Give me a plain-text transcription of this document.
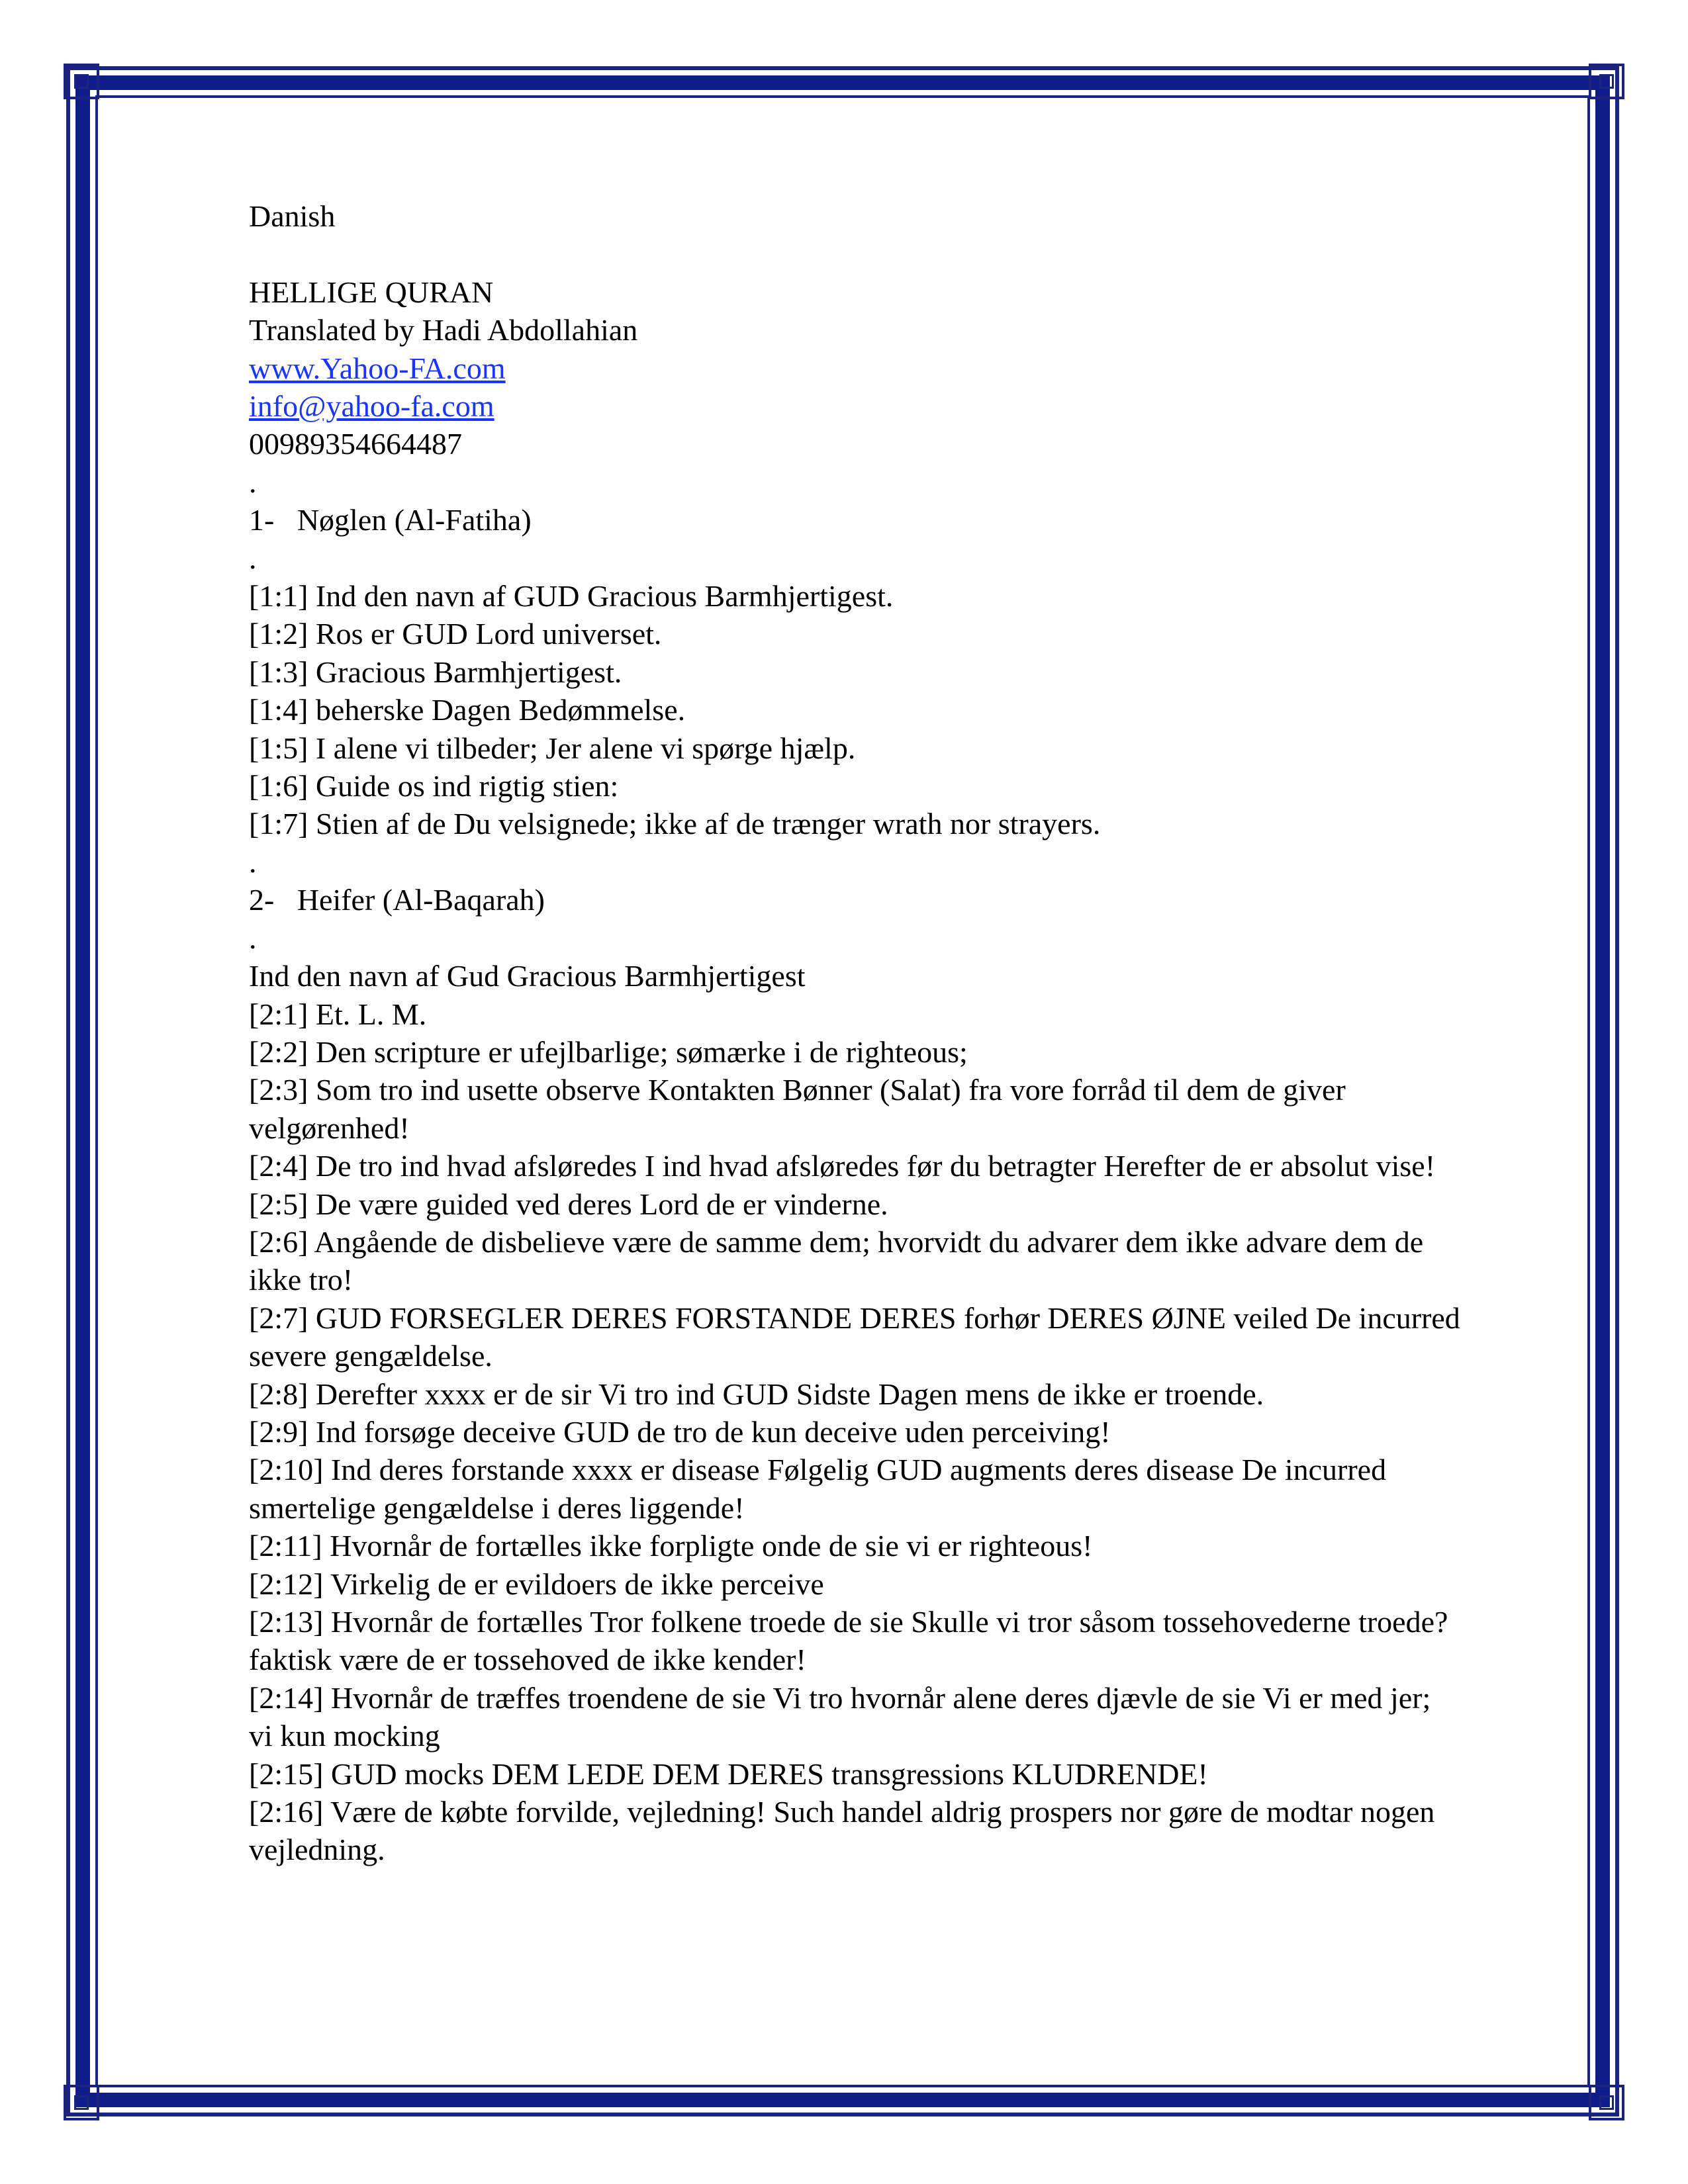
Danish

HELLIGE QURAN

Translated by Hadi Abdollahian

www.Yahoo-FA.com

info@yahoo-fa.com

00989354664487

.

1-   Nøglen (Al-Fatiha)

.

[1:1] Ind den navn af GUD Gracious Barmhjertigest.

[1:2] Ros er GUD Lord universet.

[1:3] Gracious Barmhjertigest.

[1:4] beherske Dagen Bedømmelse.

[1:5] I alene vi tilbeder; Jer alene vi spørge hjælp.

[1:6] Guide os ind rigtig stien:

[1:7] Stien af de Du velsignede; ikke af de trænger wrath nor strayers.

.

2-   Heifer (Al-Baqarah)

.

Ind den navn af Gud Gracious Barmhjertigest

[2:1] Et. L. M.

[2:2] Den scripture er ufejlbarlige; sømærke i de righteous;

[2:3] Som tro ind usette observe Kontakten Bønner (Salat) fra vore forråd til dem de giver velgørenhed!

[2:4] De tro ind hvad afsløredes I ind hvad afsløredes før du betragter Herefter de er absolut vise!

[2:5] De være guided ved deres Lord de er vinderne.

[2:6] Angående de disbelieve være de samme dem; hvorvidt du advarer dem ikke advare dem de ikke tro!

[2:7] GUD FORSEGLER DERES FORSTANDE DERES forhør DERES ØJNE veiled De incurred severe gengældelse.

[2:8] Derefter xxxx er de sir Vi tro ind GUD Sidste Dagen mens de ikke er troende.

[2:9] Ind forsøge deceive GUD de tro de kun deceive uden perceiving!

[2:10] Ind deres forstande xxxx er disease Følgelig GUD augments deres disease De incurred smertelige gengældelse i deres liggende!

[2:11] Hvornår de fortælles ikke forpligte onde de sie vi er righteous!

[2:12] Virkelig de er evildoers de ikke perceive

[2:13] Hvornår de fortælles Tror folkene troede de sie Skulle vi tror såsom tossehovederne troede? faktisk være de er tossehoved de ikke kender!

[2:14] Hvornår de træffes troendene de sie Vi tro hvornår alene deres djævle de sie Vi er med jer; vi kun mocking

[2:15] GUD mocks DEM LEDE DEM DERES transgressions KLUDRENDE!

[2:16] Være de købte forvilde, vejledning! Such handel aldrig prospers nor gøre de modtar nogen vejledning.
